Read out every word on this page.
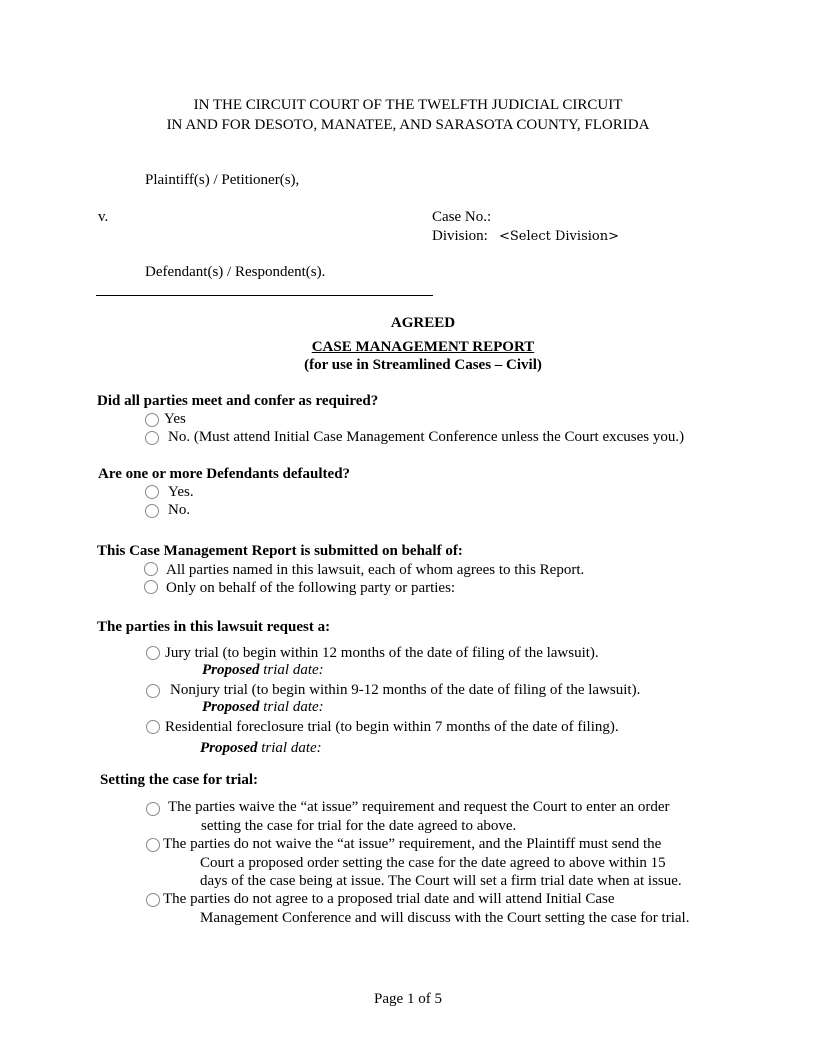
IN THE CIRCUIT COURT OF THE TWELFTH JUDICIAL CIRCUIT
IN AND FOR DESOTO, MANATEE, AND SARASOTA COUNTY, FLORIDA
Plaintiff(s) / Petitioner(s),
v.	Case No.:
Division: <Select Division>
Defendant(s) / Respondent(s).
AGREED
CASE MANAGEMENT REPORT
(for use in Streamlined Cases – Civil)
Did all parties meet and confer as required?
Yes
No. (Must attend Initial Case Management Conference unless the Court excuses you.)
Are one or more Defendants defaulted?
Yes.
No.
This Case Management Report is submitted on behalf of:
All parties named in this lawsuit, each of whom agrees to this Report.
Only on behalf of the following party or parties:
The parties in this lawsuit request a:
Jury trial (to begin within 12 months of the date of filing of the lawsuit).
Proposed trial date:
Nonjury trial (to begin within 9-12 months of the date of filing of the lawsuit).
Proposed trial date:
Residential foreclosure trial (to begin within 7 months of the date of filing).
Proposed trial date:
Setting the case for trial:
The parties waive the “at issue” requirement and request the Court to enter an order
setting the case for trial for the date agreed to above.
The parties do not waive the “at issue” requirement, and the Plaintiff must send the
Court a proposed order setting the case for the date agreed to above within 15
days of the case being at issue. The Court will set a firm trial date when at issue.
The parties do not agree to a proposed trial date and will attend Initial Case
Management Conference and will discuss with the Court setting the case for trial.
Page 1 of 5
